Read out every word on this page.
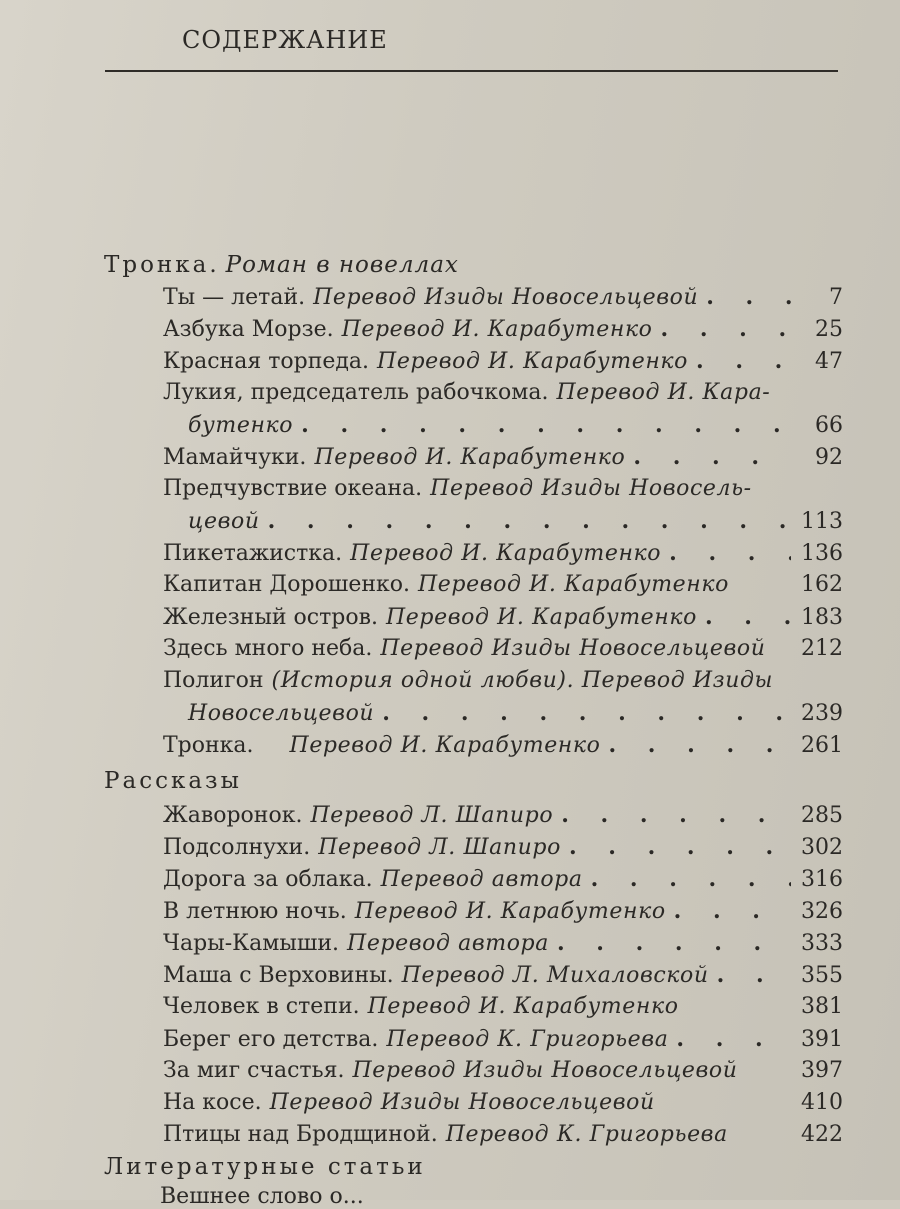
СОДЕРЖАНИЕ
Тронка. Роман в новеллах
Ты — летай. Перевод Изиды Новосельцевой . . .	7
Азбука Морзе. Перевод И. Карабутенко . . .	25
Красная торпеда. Перевод И. Карабутенко . . .	47
Лукия, председатель рабочкома. Перевод И. Кара-
бутенко . . .	66
Мамайчуки. Перевод И. Карабутенко . . .	92
Предчувствие океана. Перевод Изиды Новосель-
цевой . . .	113
Пикетажистка. Перевод И. Карабутенко . . .	136
Капитан Дорошенко. Перевод И. Карабутенко	162
Железный остров. Перевод И. Карабутенко . . .	183
Здесь много неба. Перевод Изиды Новосельцевой 212
Полигон (История одной любви). Перевод Изиды
Новосельцевой . . .	239
Тронка. Перевод И. Карабутенко . . .	261
Рассказы
Жаворонок. Перевод Л. Шапиро . . .	285
Подсолнухи. Перевод Л. Шапиро . . .	302
Дорога за облака. Перевод автора . . .	316
В летнюю ночь. Перевод И. Карабутенко . . .	326
Чары-Камыши. Перевод автора . . .	333
Маша с Верховины. Перевод Л. Михаловской . . .	355
Человек в степи. Перевод И. Карабутенко	381
Берег его детства. Перевод К. Григорьева . . .	391
За миг счастья. Перевод Изиды Новосельцевой	397
На косе. Перевод Изиды Новосельцевой	410
Птицы над Бродщиной. Перевод К. Григорьева	422
Литературные статьи
Вешнее слово о...
